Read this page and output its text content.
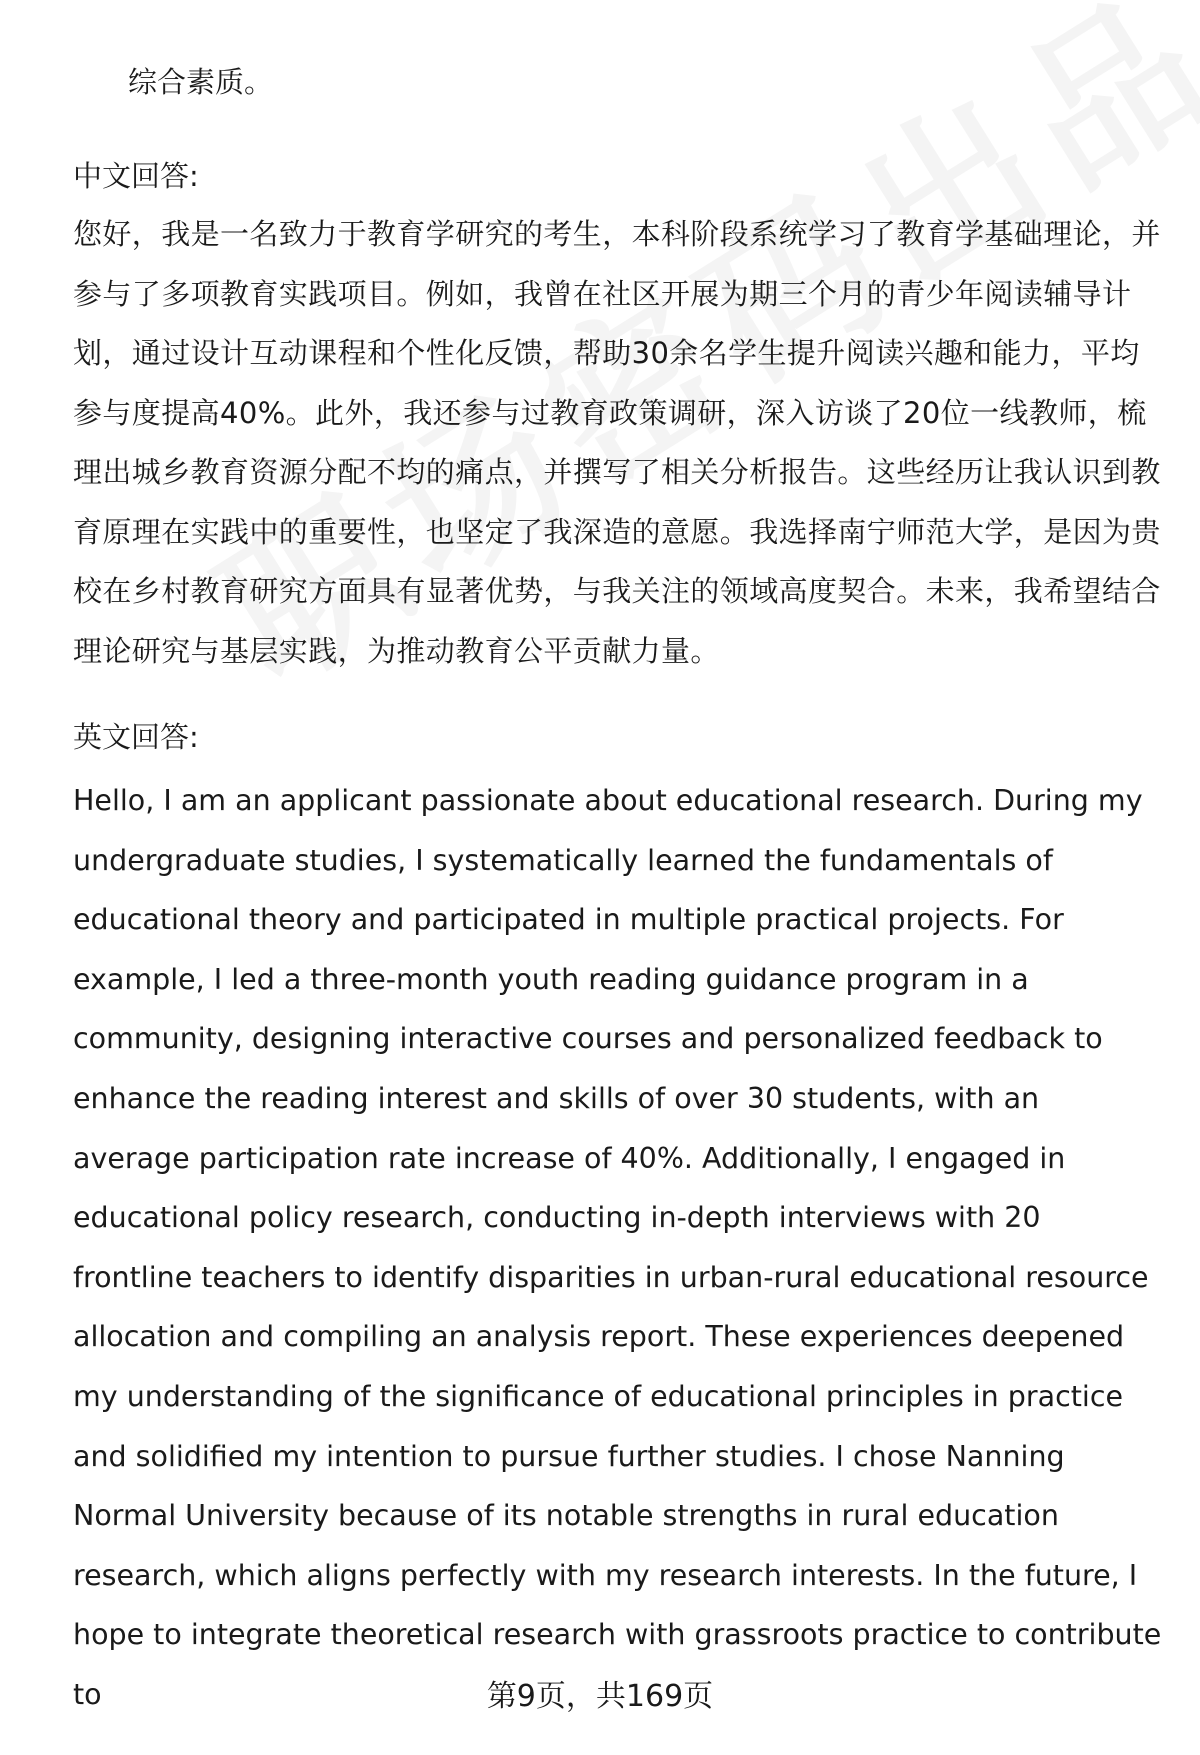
综合素质。
中文回答:
您好，我是一名致力于教育学研究的考生，本科阶段系统学习了教育学基础理论，并参与了多项教育实践项目。例如，我曾在社区开展为期三个月的青少年阅读辅导计划，通过设计互动课程和个性化反馈，帮助30余名学生提升阅读兴趣和能力，平均参与度提高40%。此外，我还参与过教育政策调研，深入访谈了20位一线教师，梳理出城乡教育资源分配不均的痛点，并撰写了相关分析报告。这些经历让我认识到教育原理在实践中的重要性，也坚定了我深造的意愿。我选择南宁师范大学，是因为贵校在乡村教育研究方面具有显著优势，与我关注的领域高度契合。未来，我希望结合理论研究与基层实践，为推动教育公平贡献力量。
英文回答:
Hello, I am an applicant passionate about educational research. During my undergraduate studies, I systematically learned the fundamentals of educational theory and participated in multiple practical projects. For example, I led a three-month youth reading guidance program in a community, designing interactive courses and personalized feedback to enhance the reading interest and skills of over 30 students, with an average participation rate increase of 40%. Additionally, I engaged in educational policy research, conducting in-depth interviews with 20 frontline teachers to identify disparities in urban-rural educational resource allocation and compiling an analysis report. These experiences deepened my understanding of the significance of educational principles in practice and solidified my intention to pursue further studies. I chose Nanning Normal University because of its notable strengths in rural education research, which aligns perfectly with my research interests. In the future, I hope to integrate theoretical research with grassroots practice to contribute to	第9页，共169页
